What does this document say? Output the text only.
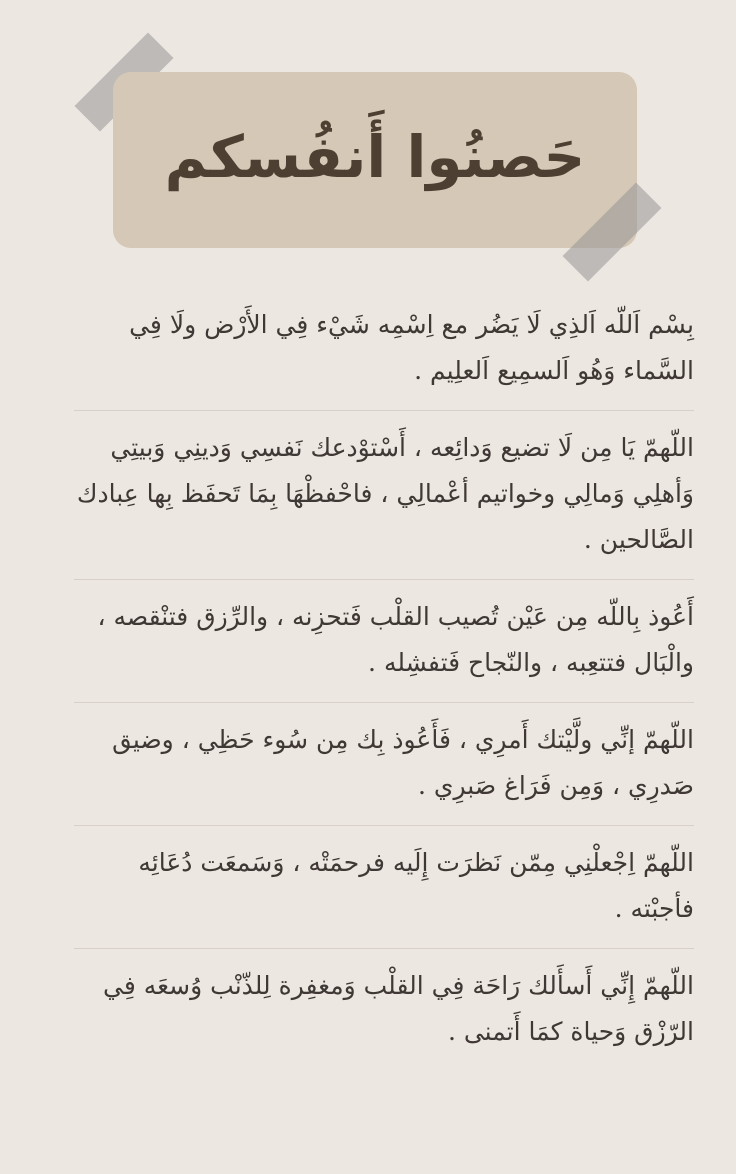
حَصنُوا أَنفُسكم
بِسْم اَللّه اَلذِي لَا يَضُر مع اِسْمِه شَيْء فِي الأَرْض ولَا فِي السَّماء وَهُو اَلسمِيع اَلعلِيم .
اللّهمّ يَا مِن لَا تضيع وَدائِعه ، أَسْتوْدعك نَفسِي وَدينِي وَبيتِي وَأهلِي وَمالِي وخواتيم أعْمالِي ، فاحْفظْهَا بِمَا تَحفَظ بِها عِبادك الصَّالحين .
أَعُوذ بِاللّه مِن عَيْن تُصيب القلْب فَتحزِنه ، والرِّزق فتنْقصه ، والْبَال فتتعِبه ، والنّجاح فَتفشِله .
اللّهمّ إنِّي ولَّيْتك أَمرِي ، فَأَعُوذ بِك مِن سُوء حَظِي ، وضيق صَدرِي ، وَمِن فَرَاغ صَبرِي .
اللّهمّ اِجْعلْنِي مِمّن نَظرَت إِلَيه فرحمَتْه ، وَسَمعَت دُعَائِه فأجبْته .
اللّهمّ إِنِّي أَسأَلك رَاحَة فِي القلْب وَمغفِرة لِلذّنْب وُسعَه فِي الرّزْق وَحياة كمَا أَتمنى .
